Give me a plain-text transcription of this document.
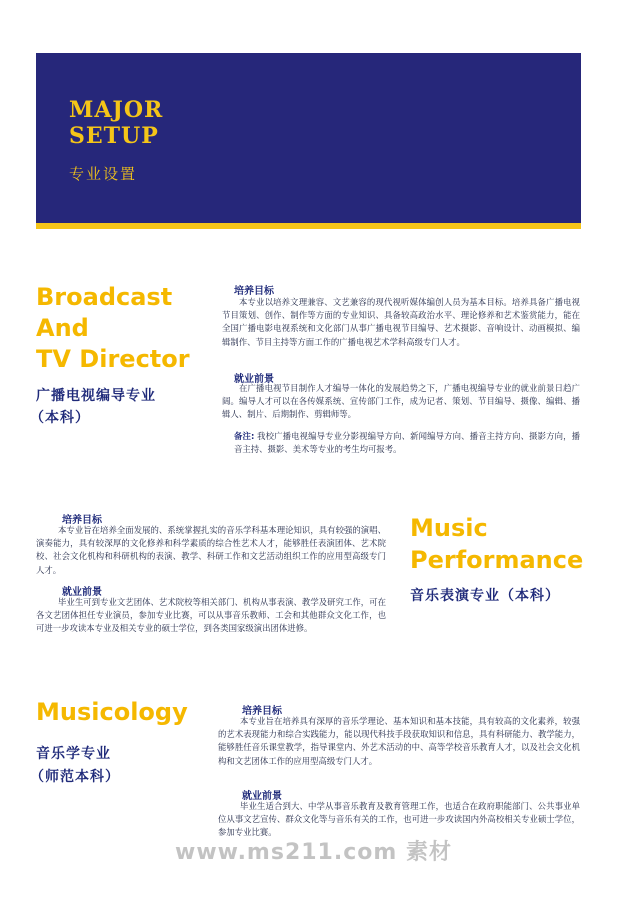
MAJOR
SETUP
专业设置
Broadcast
And
TV Director
广播电视编导专业
（本科）
培养目标

本专业以培养文理兼容、文艺兼容的现代视听媒体编创人员为基本目标。培养具备广播电视节目策划、创作、制作等方面的专业知识、具备较高政治水平、理论修养和艺术鉴赏能力，能在全国广播电影电视系统和文化部门从事广播电视节目编导、艺术摄影、音响设计、动画模拟、编辑制作、节目主持等方面工作的广播电视艺术学科高级专门人才。

就业前景

在广播电视节目制作人才编导一体化的发展趋势之下，广播电视编导专业的就业前景日趋广阔。编导人才可以在各传媒系统、宣传部门工作，成为记者、策划、节目编导、摄像、编辑、播辑人、制片、后期制作、剪辑师等。

备注: 我校广播电视编导专业分影视编导方向、新闻编导方向、播音主持方向、摄影方向，播音主持、摄影、美术等专业的考生均可报考。

培养目标

本专业旨在培养全面发展的、系统掌握扎实的音乐学科基本理论知识，具有较强的演唱、演奏能力，具有较深厚的文化修养和科学素质的综合性艺术人才，能够胜任表演团体、艺术院校、社会文化机构和科研机构的表演、教学、科研工作和文艺活动组织工作的应用型高级专门人才。

就业前景

毕业生可到专业文艺团体、艺术院校等相关部门、机构从事表演、教学及研究工作，可在各文艺团体担任专业演员，参加专业比赛，可以从事音乐教师、工会和其他群众文化工作，也可进一步攻读本专业及相关专业的硕士学位，到各类国家级演出团体进修。

Music
Performance
音乐表演专业（本科）
Musicology
音乐学专业
（师范本科）
培养目标

本专业旨在培养具有深厚的音乐学理论、基本知识和基本技能，具有较高的文化素养，较强的艺术表现能力和综合实践能力，能以现代科技手段获取知识和信息，具有科研能力、教学能力，能够胜任音乐课堂教学，指导课堂内、外艺术活动的中、高等学校音乐教育人才，以及社会文化机构和文艺团体工作的应用型高级专门人才。

就业前景

毕业生适合到大、中学从事音乐教育及教育管理工作，也适合在政府职能部门、公共事业单位从事文艺宣传、群众文化等与音乐有关的工作，也可进一步攻读国内外高校相关专业硕士学位，参加专业比赛。

www.ms211.com 素材
